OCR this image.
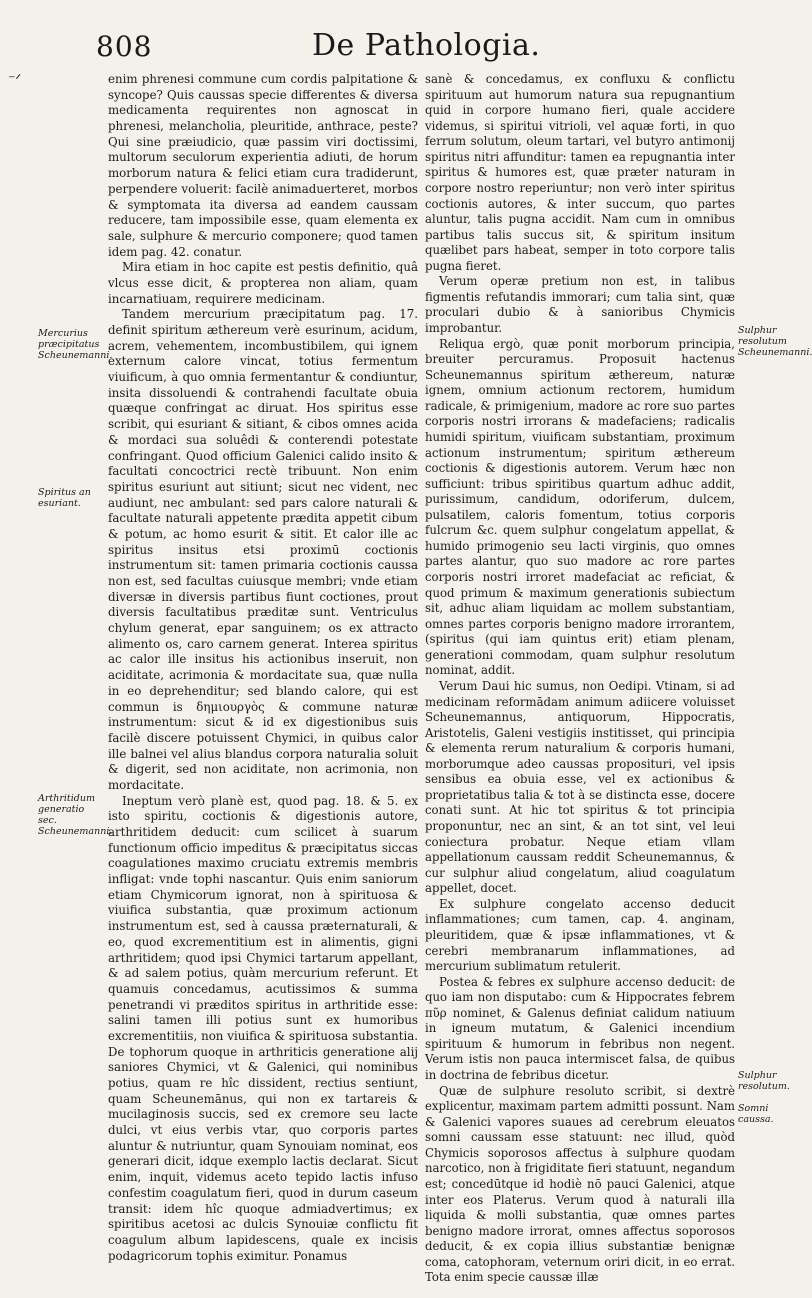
⁻ᐟ
808	De Pathologia.
Mercurius præcipitatus Scheunemanni.
Spiritus an esuriant.
Arthritidum generatio sec. Scheunemanni.
Sulphur resolutum Scheunemanni.
Sulphur resolutum.
Somni caussa.

enim phrenesi commune cum cordis palpitatione & syncope? Quis caussas specie differentes & diversa medicamenta requirentes non agnoscat in phrenesi, melancholia, pleuritide, anthrace, peste? Qui sine præiudicio, quæ passim viri doctissimi, multorum seculorum experientia adiuti, de horum morborum natura & felici etiam cura tradiderunt, perpendere voluerit: facilè animaduerteret, morbos & symptomata ita diversa ad eandem caussam reducere, tam impossibile esse, quam elementa ex sale, sulphure & mercurio componere; quod tamen idem pag. 42. conatur.

Mira etiam in hoc capite est pestis definitio, quâ vlcus esse dicit, & propterea non aliam, quam incarnatiuam, requirere medicinam.

Tandem mercurium præcipitatum pag. 17. definit spiritum æthereum verè esurinum, acidum, acrem, vehementem, incombustibilem, qui ignem externum calore vincat, totius fermentum viuificum, à quo omnia fermentantur & condiuntur, insita dissoluendi & contrahendi facultate obuia quæque confringat ac diruat. Hos spiritus esse scribit, qui esuriant & sitiant, & cibos omnes acida & mordaci sua soluêdi & conterendi potestate confringant. Quod officium Galenici calido insito & facultati concoctrici rectè tribuunt. Non enim spiritus esuriunt aut sitiunt; sicut nec vident, nec audiunt, nec ambulant: sed pars calore naturali & facultate naturali appetente prædita appetit cibum & potum, ac homo esurit & sitit. Et calor ille ac spiritus insitus etsi proximū coctionis instrumentum sit: tamen primaria coctionis caussa non est, sed facultas cuiusque membri; vnde etiam diversæ in diversis partibus fiunt coctiones, prout diversis facultatibus præditæ sunt. Ventriculus chylum generat, epar sanguinem; os ex attracto alimento os, caro carnem generat. Interea spiritus ac calor ille insitus his actionibus inseruit, non aciditate, acrimonia & mordacitate sua, quæ nulla in eo deprehenditur; sed blando calore, qui est commun is δημιουργὸς & commune naturæ instrumentum: sicut & id ex digestionibus suis facilè discere potuissent Chymici, in quibus calor ille balnei vel alius blandus corpora naturalia soluit & digerit, sed non aciditate, non acrimonia, non mordacitate.

Ineptum verò planè est, quod pag. 18. & 5. ex isto spiritu, coctionis & digestionis autore, arthritidem deducit: cum scilicet à suarum functionum officio impeditus & præcipitatus siccas coagulationes maximo cruciatu extremis membris infligat: vnde tophi nascantur. Quis enim saniorum etiam Chymicorum ignorat, non à spirituosa & viuifica substantia, quæ proximum actionum instrumentum est, sed à caussa præternaturali, & eo, quod excrementitium est in alimentis, gigni arthritidem; quod ipsi Chymici tartarum appellant, & ad salem potius, quàm mercurium referunt. Et quamuis concedamus, acutissimos & summa penetrandi vi præditos spiritus in arthritide esse: salini tamen illi potius sunt ex humoribus excrementitiis, non viuifica & spirituosa substantia. De tophorum quoque in arthriticis generatione alij saniores Chymici, vt & Galenici, qui nominibus potius, quam re hîc dissident, rectius sentiunt, quam Scheunemānus, qui non ex tartareis & mucilaginosis succis, sed ex cremore seu lacte dulci, vt eius verbis vtar, quo corporis partes aluntur & nutriuntur, quam Synouiam nominat, eos generari dicit, idque exemplo lactis declarat. Sicut enim, inquit, videmus aceto tepido lactis infuso confestim coagulatum fieri, quod in durum caseum transit: idem hîc quoque admiadvertimus; ex spiritibus acetosi ac dulcis Synouiæ conflictu fit coagulum album lapidescens, quale ex incisis podagricorum tophis eximitur. Ponamus

sanè & concedamus, ex confluxu & conflictu spirituum aut humorum natura sua repugnantium quid in corpore humano fieri, quale accidere videmus, si spiritui vitrioli, vel aquæ forti, in quo ferrum solutum, oleum tartari, vel butyro antimonij spiritus nitri affunditur: tamen ea repugnantia inter spiritus & humores est, quæ præter naturam in corpore nostro reperiuntur; non verò inter spiritus coctionis autores, & inter succum, quo partes aluntur, talis pugna accidit. Nam cum in omnibus partibus talis succus sit, & spiritum insitum quælibet pars habeat, semper in toto corpore talis pugna fieret.

Verum operæ pretium non est, in talibus figmentis refutandis immorari; cum talia sint, quæ proculari dubio & à sanioribus Chymicis improbantur.

Reliqua ergò, quæ ponit morborum principia, breuiter percuramus. Proposuit hactenus Scheunemannus spiritum æthereum, naturæ ignem, omnium actionum rectorem, humidum radicale, & primigenium, madore ac rore suo partes corporis nostri irrorans & madefaciens; radicalis humidi spiritum, viuificam substantiam, proximum actionum instrumentum; spiritum æthereum coctionis & digestionis autorem. Verum hæc non sufficiunt: tribus spiritibus quartum adhuc addit, purissimum, candidum, odoriferum, dulcem, pulsatilem, caloris fomentum, totius corporis fulcrum &c. quem sulphur congelatum appellat, & humido primogenio seu lacti virginis, quo omnes partes alantur, quo suo madore ac rore partes corporis nostri irroret madefaciat ac reficiat, & quod primum & maximum generationis subiectum sit, adhuc aliam liquidam ac mollem substantiam, omnes partes corporis benigno madore irrorantem, (spiritus (qui iam quintus erit) etiam plenam, generationi commodam, quam sulphur resolutum nominat, addit.

Verum Daui hic sumus, non Oedipi. Vtinam, si ad medicinam reformādam animum adiicere voluisset Scheunemannus, antiquorum, Hippocratis, Aristotelis, Galeni vestigiis institisset, qui principia & elementa rerum naturalium & corporis humani, morborumque adeo caussas proposituri, vel ipsis sensibus ea obuia esse, vel ex actionibus & proprietatibus talia & tot à se distincta esse, docere conati sunt. At hic tot spiritus & tot principia proponuntur, nec an sint, & an tot sint, vel leui coniectura probatur. Neque etiam vllam appellationum caussam reddit Scheunemannus, & cur sulphur aliud congelatum, aliud coagulatum appellet, docet.

Ex sulphure congelato accenso deducit inflammationes; cum tamen, cap. 4. anginam, pleuritidem, quæ & ipsæ inflammationes, vt & cerebri membranarum inflammationes, ad mercurium sublimatum retulerit.

Postea & febres ex sulphure accenso deducit: de quo iam non disputabo: cum & Hippocrates febrem πῦρ nominet, & Galenus definiat calidum natiuum in igneum mutatum, & Galenici incendium spirituum & humorum in febribus non negent. Verum istis non pauca intermiscet falsa, de quibus in doctrina de febribus dicetur.

Quæ de sulphure resoluto scribit, si dextrè explicentur, maximam partem admitti possunt. Nam & Galenici vapores suaues ad cerebrum eleuatos somni caussam esse statuunt: nec illud, quòd Chymicis soporosos affectus à sulphure quodam narcotico, non à frigiditate fieri statuunt, negandum est; concedūtque id hodiè nō pauci Galenici, atque inter eos Platerus. Verum quod à naturali illa liquida & molli substantia, quæ omnes partes benigno madore irrorat, omnes affectus soporosos deducit, & ex copia illius substantiæ benignæ coma, catophoram, veternum oriri dicit, in eo errat. Tota enim specie caussæ illæ
